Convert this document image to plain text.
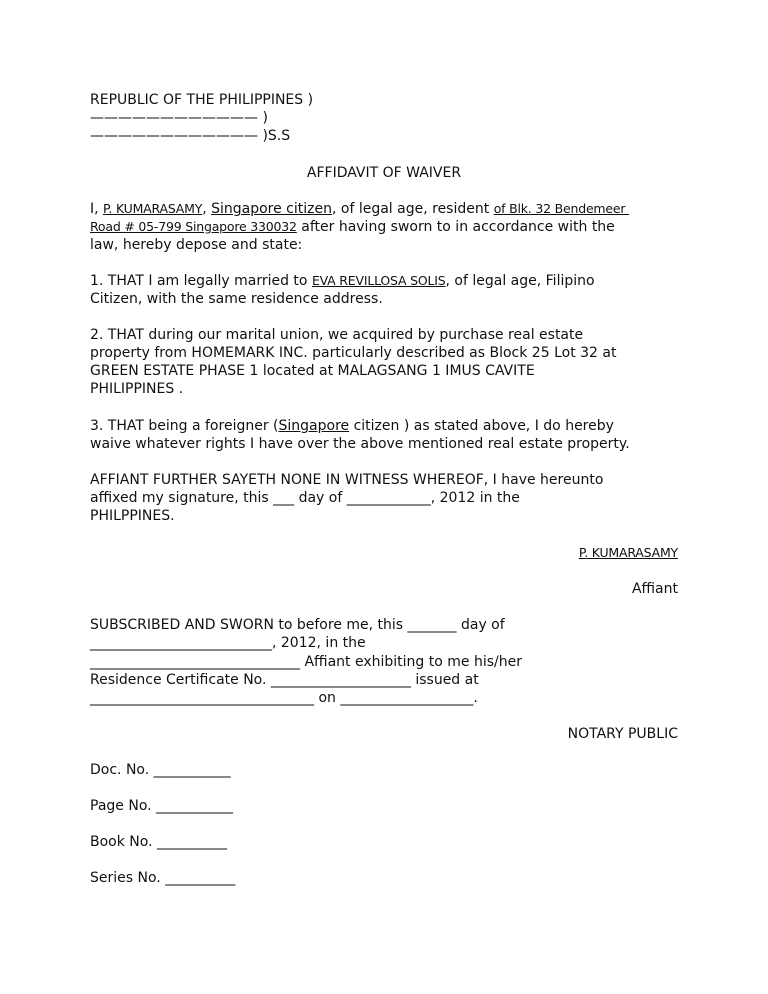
REPUBLIC OF THE PHILIPPINES )
———————————— )
———————————— )S.S
AFFIDAVIT OF WAIVER
I, P. KUMARASAMY, Singapore citizen, of legal age, resident of Blk. 32 Bendemeer
Road # 05-799 Singapore 330032 after having sworn to in accordance with the
law, hereby depose and state:
1. THAT I am legally married to EVA REVILLOSA SOLIS, of legal age, Filipino
Citizen, with the same residence address.
2. THAT during our marital union, we acquired by purchase real estate
property from HOMEMARK INC. particularly described as Block 25 Lot 32 at
GREEN ESTATE PHASE 1 located at MALAGSANG 1 IMUS CAVITE
PHILIPPINES .
3. THAT being a foreigner (Singapore citizen ) as stated above, I do hereby
waive whatever rights I have over the above mentioned real estate property.
AFFIANT FURTHER SAYETH NONE IN WITNESS WHEREOF, I have hereunto
affixed my signature, this ___ day of ____________, 2012 in the
PHILPPINES.
P. KUMARASAMY
Affiant
SUBSCRIBED AND SWORN to before me, this _______ day of
__________________________, 2012, in the
______________________________ Affiant exhibiting to me his/her
Residence Certificate No. ____________________ issued at
________________________________ on ___________________.
NOTARY PUBLIC
Doc. No. ___________
Page No. ___________
Book No. __________
Series No. __________
